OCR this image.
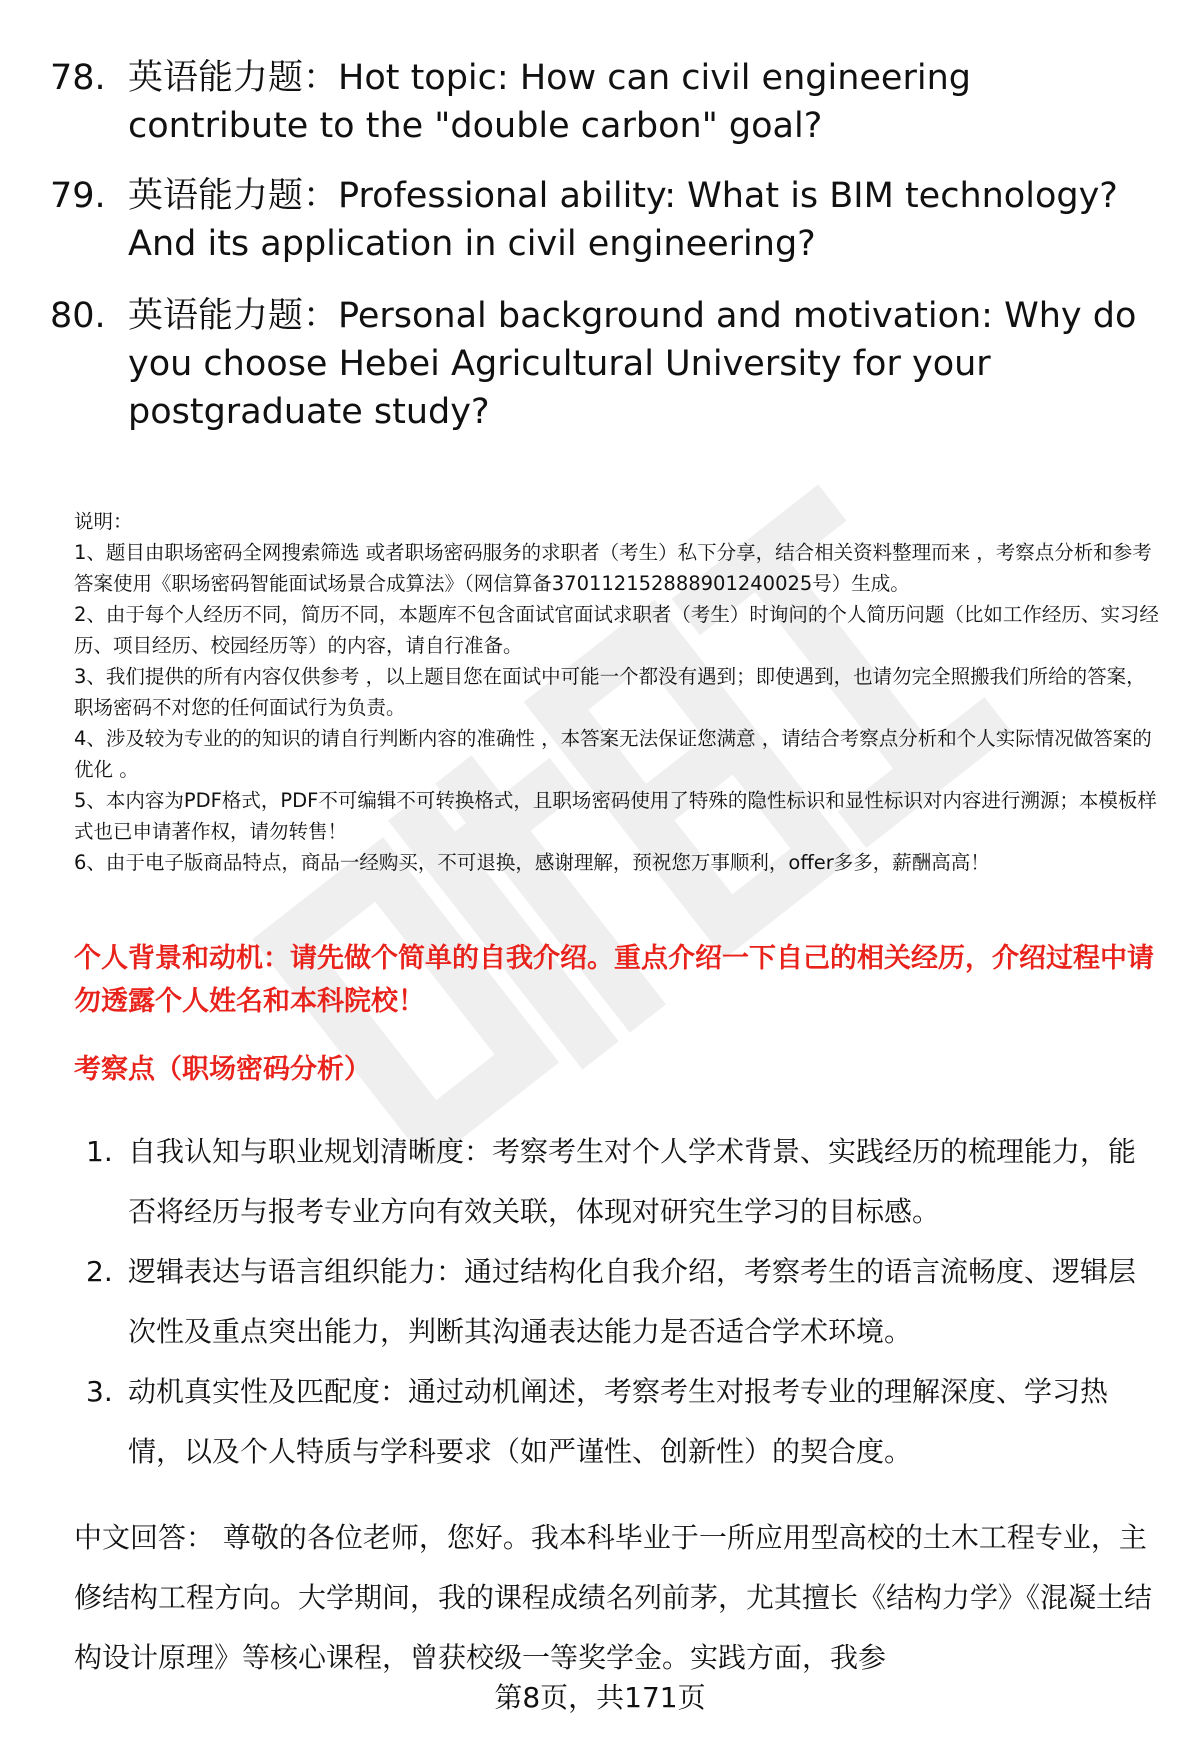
78. 英语能力题：Hot topic: How can civil engineering contribute to the "double carbon" goal?
79. 英语能力题：Professional ability: What is BIM technology? And its application in civil engineering?
80. 英语能力题：Personal background and motivation: Why do you choose Hebei Agricultural University for your postgraduate study?

说明：

1、题目由职场密码全网搜索筛选 或者职场密码服务的求职者（考生）私下分享，结合相关资料整理而来 ，考察点分析和参考答案使用《职场密码智能面试场景合成算法》（网信算备370112152888901240025号）生成。

2、由于每个人经历不同，简历不同，本题库不包含面试官面试求职者（考生）时询问的个人简历问题（比如工作经历、实习经历、项目经历、校园经历等）的内容，请自行准备。

3、我们提供的所有内容仅供参考 ，以上题目您在面试中可能一个都没有遇到；即使遇到，也请勿完全照搬我们所给的答案，职场密码不对您的任何面试行为负责。

4、涉及较为专业的的知识的请自行判断内容的准确性 ，本答案无法保证您满意 ，请结合考察点分析和个人实际情况做答案的优化 。

5、本内容为PDF格式，PDF不可编辑不可转换格式，且职场密码使用了特殊的隐性标识和显性标识对内容进行溯源；本模板样式也已申请著作权，请勿转售！

6、由于电子版商品特点，商品一经购买，不可退换，感谢理解，预祝您万事顺利，offer多多，薪酬高高！

个人背景和动机：请先做个简单的自我介绍。重点介绍一下自己的相关经历，介绍过程中请勿透露个人姓名和本科院校！
考察点（职场密码分析）
1. 自我认知与职业规划清晰度：考察考生对个人学术背景、实践经历的梳理能力，能否将经历与报考专业方向有效关联，体现对研究生学习的目标感。
2. 逻辑表达与语言组织能力：通过结构化自我介绍，考察考生的语言流畅度、逻辑层次性及重点突出能力，判断其沟通表达能力是否适合学术环境。
3. 动机真实性及匹配度：通过动机阐述，考察考生对报考专业的理解深度、学习热情，以及个人特质与学科要求（如严谨性、创新性）的契合度。
中文回答： 尊敬的各位老师，您好。我本科毕业于一所应用型高校的土木工程专业，主修结构工程方向。大学期间，我的课程成绩名列前茅，尤其擅长《结构力学》《混凝土结构设计原理》等核心课程，曾获校级一等奖学金。实践方面，我参
第8页，共171页
